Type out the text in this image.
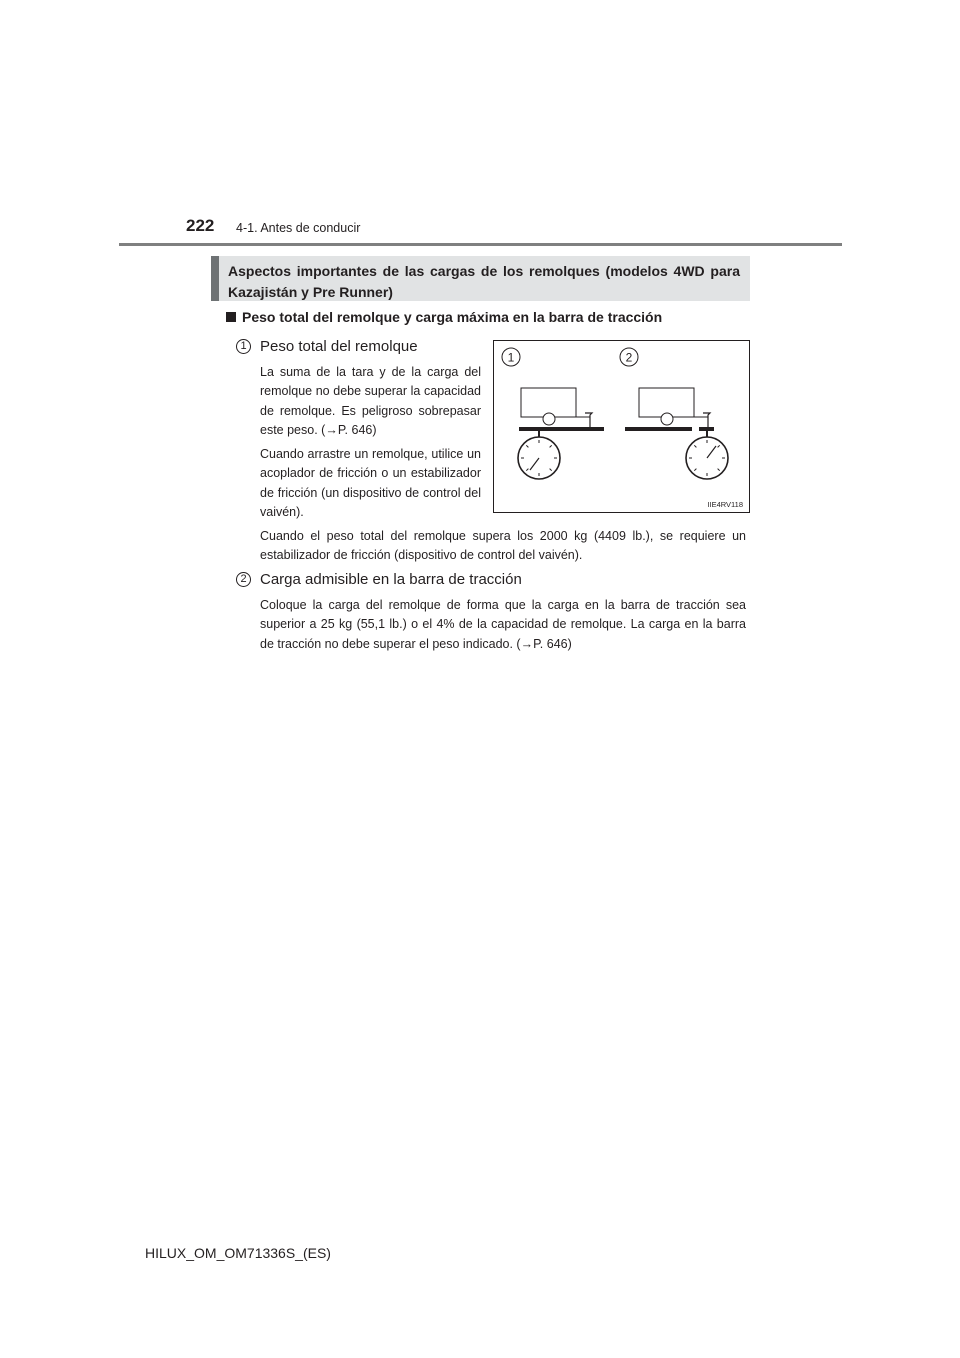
222 4-1. Antes de conducir
Aspectos importantes de las cargas de los remolques (modelos 4WD para Kazajistán y Pre Runner)
Peso total del remolque y carga máxima en la barra de tracción
1 Peso total del remolque

La suma de la tara y de la carga del remolque no debe superar la capacidad de remolque. Es peligroso sobrepasar este peso. (→P. 646)

Cuando arrastre un remolque, utilice un acoplador de fricción o un estabilizador de fricción (un dispositivo de control del vaivén).

Cuando el peso total del remolque supera los 2000 kg (4409 lb.), se requiere un estabilizador de fricción (dispositivo de control del vaivén).

1	2
IIE4RV118
2 Carga admisible en la barra de tracción

Coloque la carga del remolque de forma que la carga en la barra de tracción sea superior a 25 kg (55,1 lb.) o el 4% de la capacidad de remolque. La carga en la barra de tracción no debe superar el peso indicado. (→P. 646)

HILUX_OM_OM71336S_(ES)
